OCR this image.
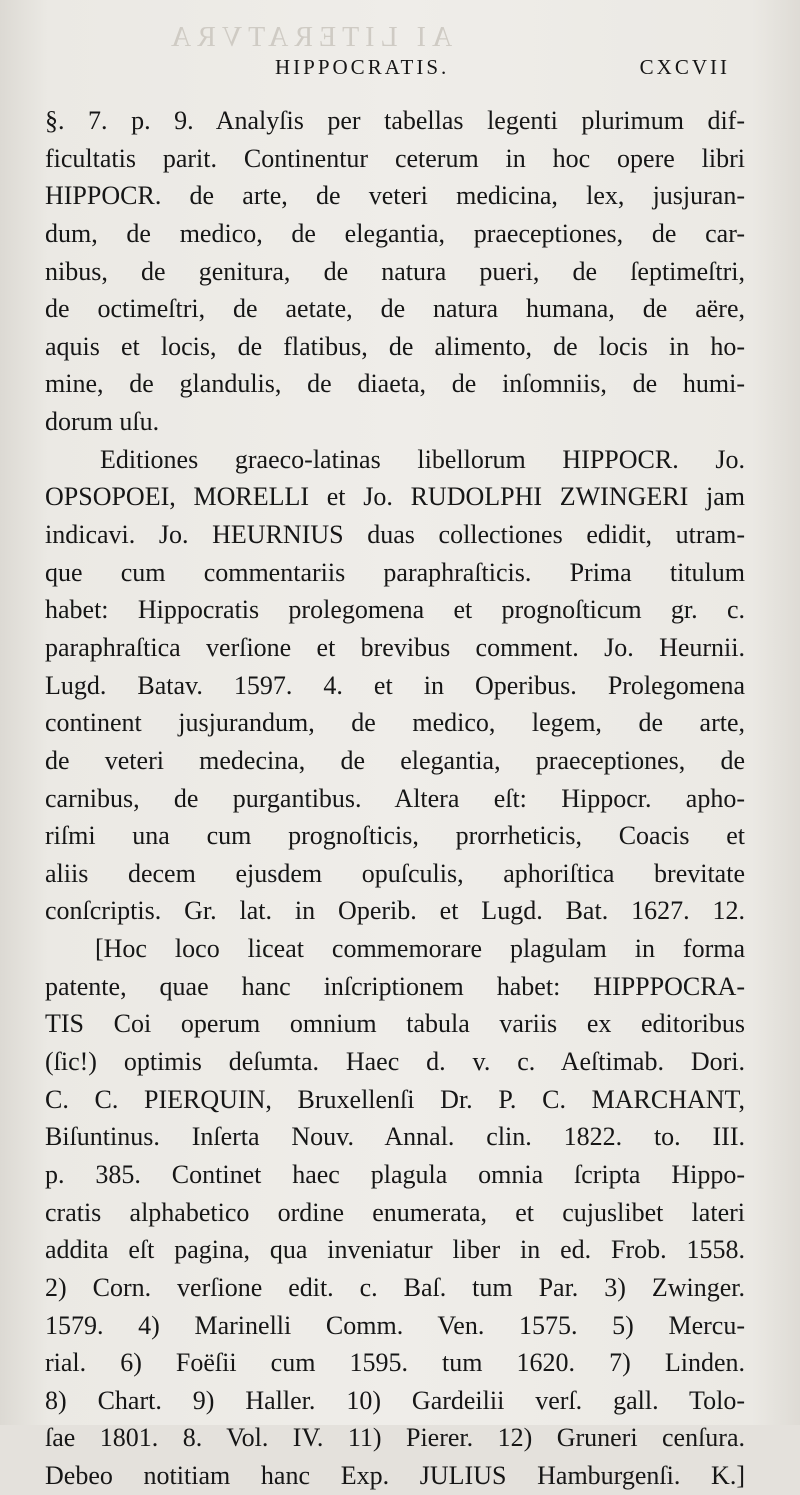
AI LITERATVRA
HIPPOCRATIS.	CXCVII
§. 7. p. 9. Analyſis per tabellas legenti plurimum dif-
ficultatis parit. Continentur ceterum in hoc opere libri
HIPPOCR. de arte, de veteri medicina, lex, jusjuran-
dum, de medico, de elegantia, praeceptiones, de car-
nibus, de genitura, de natura pueri, de ſeptimeſtri,
de octimeſtri, de aetate, de natura humana, de aëre,
aquis et locis, de flatibus, de alimento, de locis in ho-
mine, de glandulis, de diaeta, de inſomniis, de humi-
dorum uſu.
Editiones graeco-latinas libellorum HIPPOCR. Jo.
OPSOPOEI, MORELLI et Jo. RUDOLPHI ZWINGERI jam
indicavi. Jo. HEURNIUS duas collectiones edidit, utram-
que cum commentariis paraphraſticis. Prima titulum
habet: Hippocratis prolegomena et prognoſticum gr. c.
paraphraſtica verſione et brevibus comment. Jo. Heurnii.
Lugd. Batav. 1597. 4. et in Operibus. Prolegomena
continent jusjurandum, de medico, legem, de arte,
de veteri medecina, de elegantia, praeceptiones, de
carnibus, de purgantibus. Altera eſt: Hippocr. apho-
riſmi una cum prognoſticis, prorrheticis, Coacis et
aliis decem ejusdem opuſculis, aphoriſtica brevitate
conſcriptis. Gr. lat. in Operib. et Lugd. Bat. 1627. 12.
[Hoc loco liceat commemorare plagulam in forma
patente, quae hanc inſcriptionem habet: HIPPPOCRA-
TIS Coi operum omnium tabula variis ex editoribus
(ſic!) optimis deſumta. Haec d. v. c. Aeſtimab. Dori.
C. C. PIERQUIN, Bruxellenſi Dr. P. C. MARCHANT,
Biſuntinus. Inſerta Nouv. Annal. clin. 1822. to. III.
p. 385. Continet haec plagula omnia ſcripta Hippo-
cratis alphabetico ordine enumerata, et cujuslibet lateri
addita eſt pagina, qua inveniatur liber in ed. Frob. 1558.
2) Corn. verſione edit. c. Baſ. tum Par. 3) Zwinger.
1579. 4) Marinelli Comm. Ven. 1575. 5) Mercu-
rial. 6) Foëſii cum 1595. tum 1620. 7) Linden.
8) Chart. 9) Haller. 10) Gardeilii verſ. gall. Tolo-
ſae 1801. 8. Vol. IV. 11) Pierer. 12) Gruneri cenſura.
Debeo notitiam hanc Exp. JULIUS Hamburgenſi. K.]
